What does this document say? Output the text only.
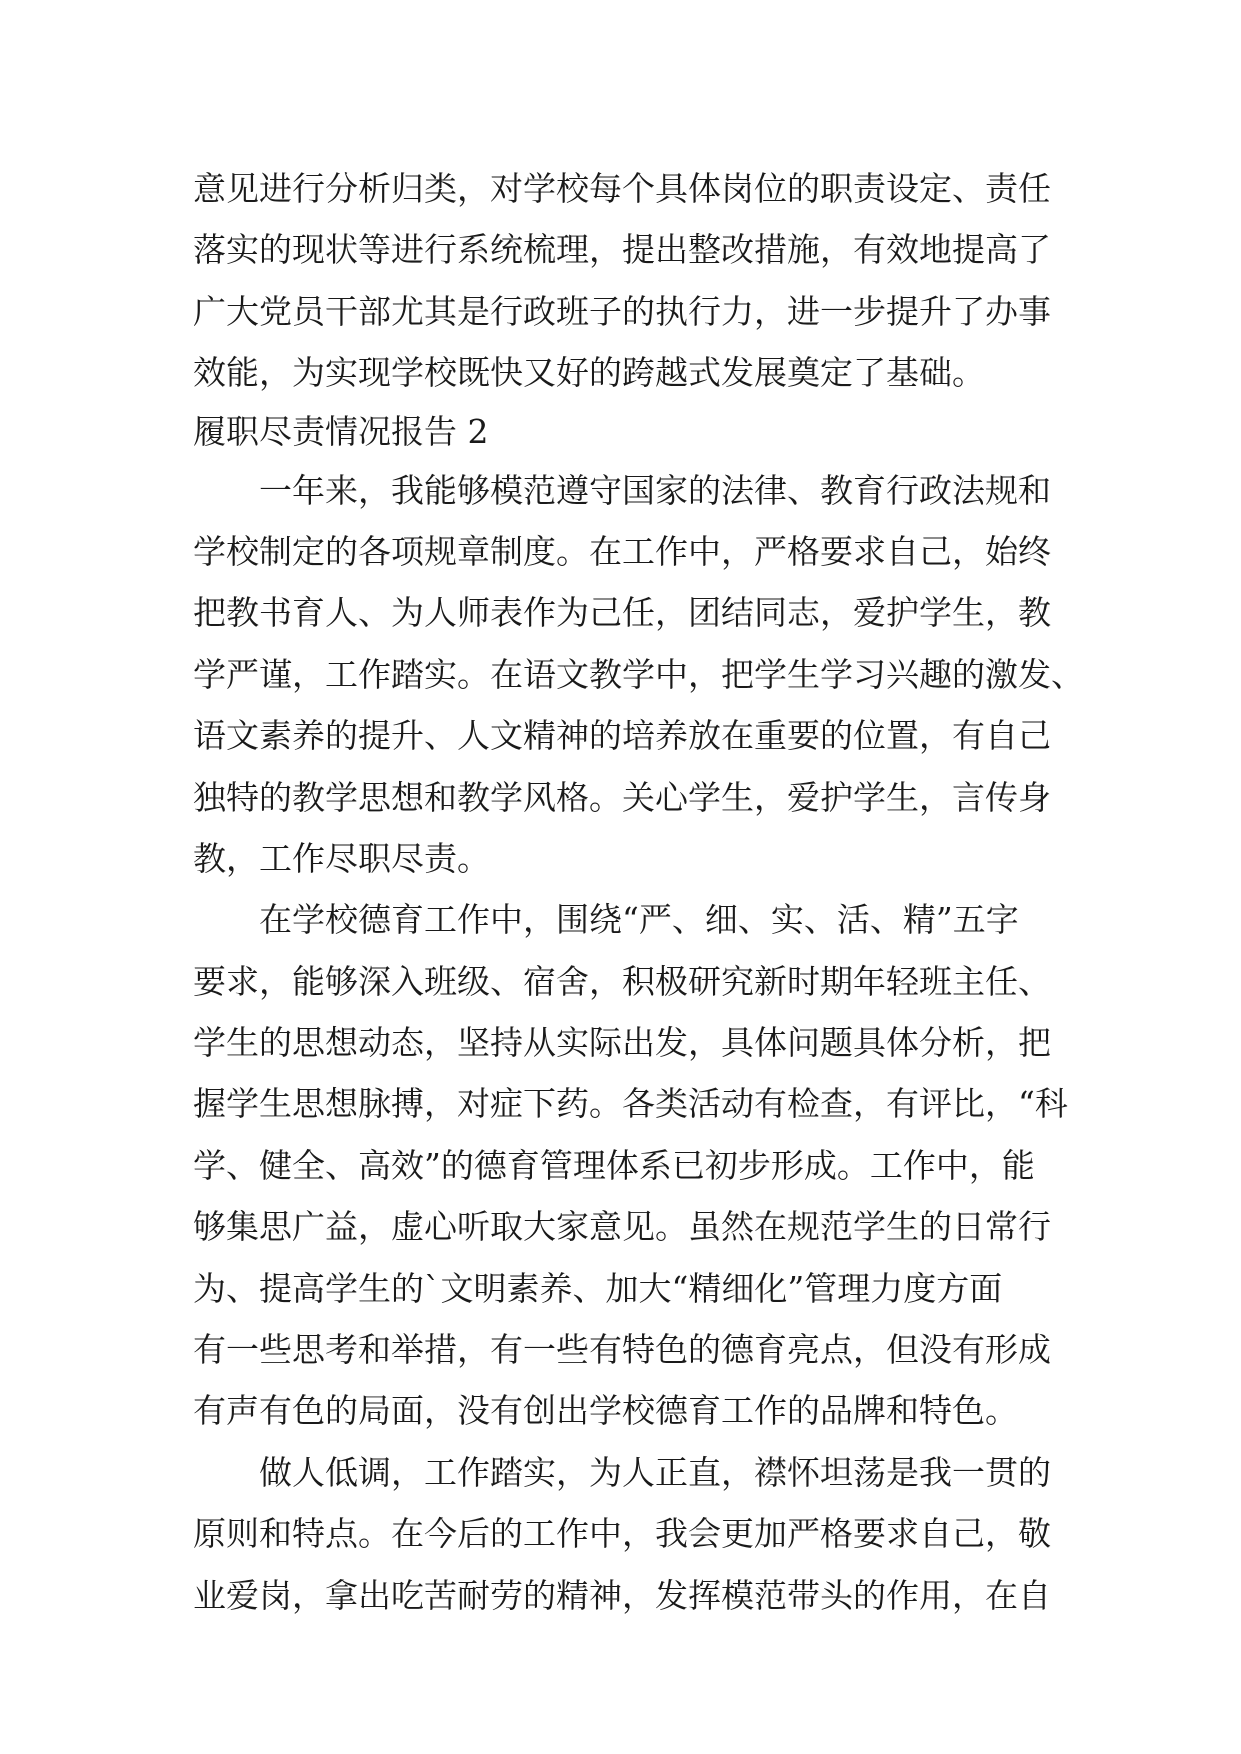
意见进行分析归类，对学校每个具体岗位的职责设定、责任
落实的现状等进行系统梳理，提出整改措施，有效地提高了
广大党员干部尤其是行政班子的执行力，进一步提升了办事
效能，为实现学校既快又好的跨越式发展奠定了基础。
履职尽责情况报告 2
一年来，我能够模范遵守国家的法律、教育行政法规和
学校制定的各项规章制度。在工作中，严格要求自己，始终
把教书育人、为人师表作为己任，团结同志，爱护学生，教
学严谨，工作踏实。在语文教学中，把学生学习兴趣的激发、
语文素养的提升、人文精神的培养放在重要的位置，有自己
独特的教学思想和教学风格。关心学生，爱护学生，言传身
教，工作尽职尽责。
在学校德育工作中，围绕“严、细、实、活、精”五字
要求，能够深入班级、宿舍，积极研究新时期年轻班主任、
学生的思想动态，坚持从实际出发，具体问题具体分析，把
握学生思想脉搏，对症下药。各类活动有检查，有评比，“科
学、健全、高效”的德育管理体系已初步形成。工作中，能
够集思广益，虚心听取大家意见。虽然在规范学生的日常行
为、提高学生的`文明素养、加大“精细化”管理力度方面
有一些思考和举措，有一些有特色的德育亮点，但没有形成
有声有色的局面，没有创出学校德育工作的品牌和特色。
做人低调，工作踏实，为人正直，襟怀坦荡是我一贯的
原则和特点。在今后的工作中，我会更加严格要求自己，敬
业爱岗，拿出吃苦耐劳的精神，发挥模范带头的作用，在自
